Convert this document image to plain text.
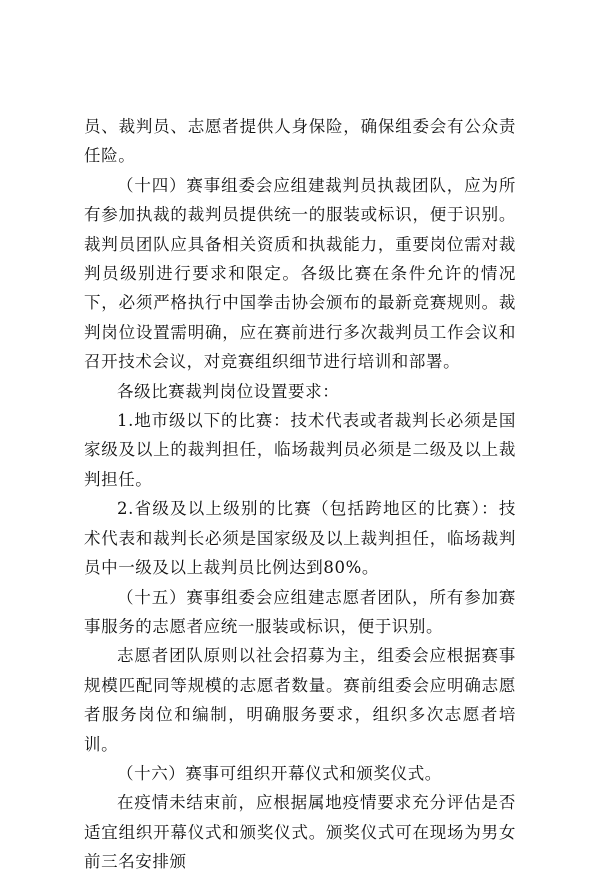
员、裁判员、志愿者提供人身保险，确保组委会有公众责任险。

（十四）赛事组委会应组建裁判员执裁团队，应为所有参加执裁的裁判员提供统一的服装或标识，便于识别。裁判员团队应具备相关资质和执裁能力，重要岗位需对裁判员级别进行要求和限定。各级比赛在条件允许的情况下，必须严格执行中国拳击协会颁布的最新竞赛规则。裁判岗位设置需明确，应在赛前进行多次裁判员工作会议和召开技术会议，对竞赛组织细节进行培训和部署。

各级比赛裁判岗位设置要求：

1.地市级以下的比赛：技术代表或者裁判长必须是国家级及以上的裁判担任，临场裁判员必须是二级及以上裁判担任。

2.省级及以上级别的比赛（包括跨地区的比赛）：技术代表和裁判长必须是国家级及以上裁判担任，临场裁判员中一级及以上裁判员比例达到80%。

（十五）赛事组委会应组建志愿者团队，所有参加赛事服务的志愿者应统一服装或标识，便于识别。

志愿者团队原则以社会招募为主，组委会应根据赛事规模匹配同等规模的志愿者数量。赛前组委会应明确志愿者服务岗位和编制，明确服务要求，组织多次志愿者培训。

（十六）赛事可组织开幕仪式和颁奖仪式。

在疫情未结束前，应根据属地疫情要求充分评估是否适宜组织开幕仪式和颁奖仪式。颁奖仪式可在现场为男女前三名安排颁
